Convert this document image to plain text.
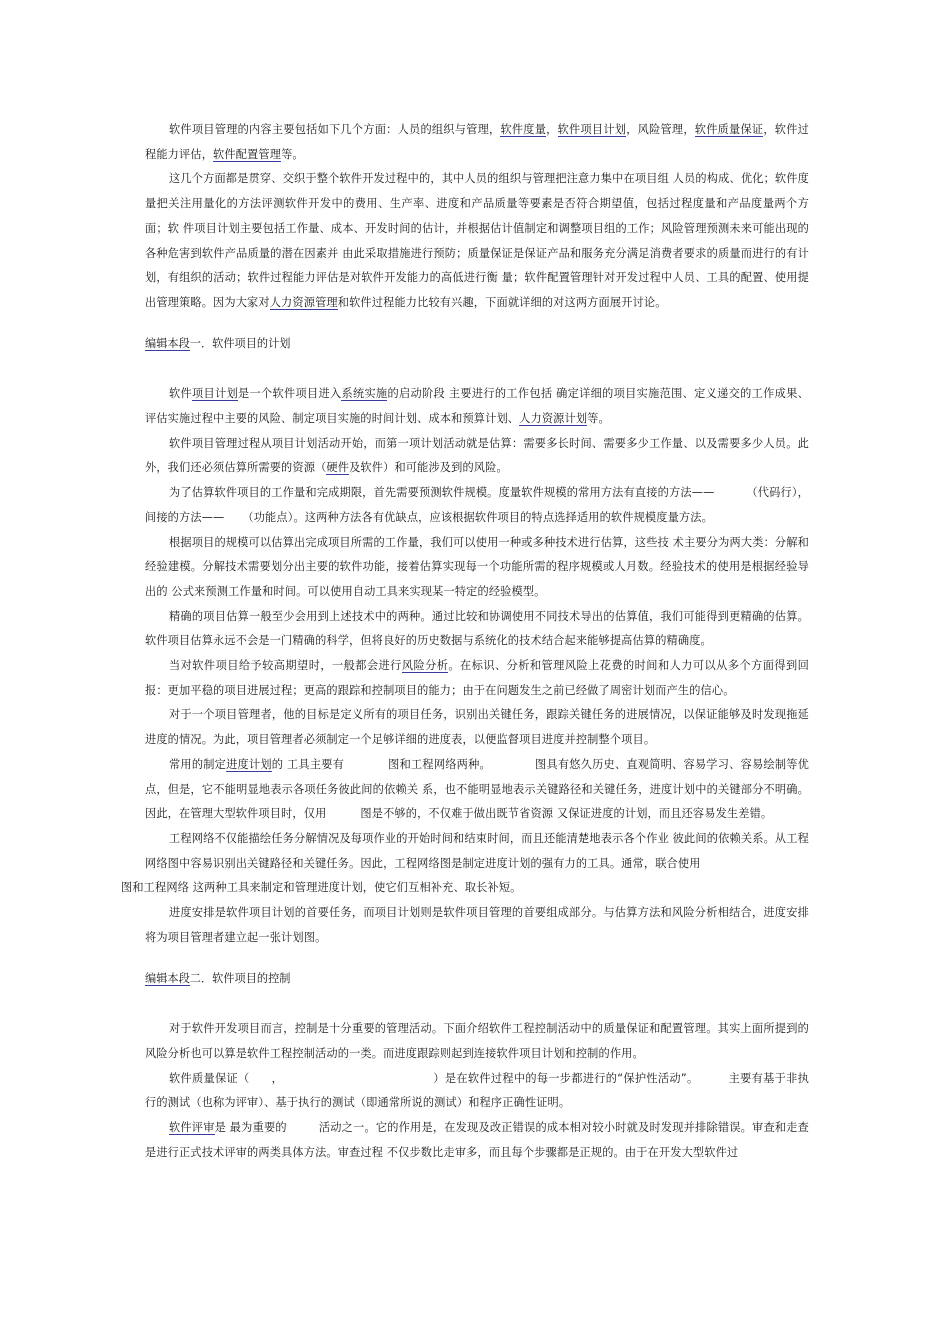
软件项目管理的内容主要包括如下几个方面：人员的组织与管理，软件度量，软件项目计划，风险管理，软件质量保证，软件过程能力评估，软件配置管理等。

这几个方面都是贯穿、交织于整个软件开发过程中的，其中人员的组织与管理把注意力集中在项目组 人员的构成、优化；软件度量把关注用量化的方法评测软件开发中的费用、生产率、进度和产品质量等要素是否符合期望值，包括过程度量和产品度量两个方面；软 件项目计划主要包括工作量、成本、开发时间的估计，并根据估计值制定和调整项目组的工作；风险管理预测未来可能出现的各种危害到软件产品质量的潜在因素并 由此采取措施进行预防；质量保证是保证产品和服务充分满足消费者要求的质量而进行的有计划，有组织的活动；软件过程能力评估是对软件开发能力的高低进行衡 量；软件配置管理针对开发过程中人员、工具的配置、使用提出管理策略。因为大家对人力资源管理和软件过程能力比较有兴趣，下面就详细的对这两方面展开讨论。

编辑本段一．软件项目的计划

软件项目计划是一个软件项目进入系统实施的启动阶段 主要进行的工作包括 确定详细的项目实施范围、定义递交的工作成果、评估实施过程中主要的风险、制定项目实施的时间计划、成本和预算计划、人力资源计划等。

软件项目管理过程从项目计划活动开始，而第一项计划活动就是估算：需要多长时间、需要多少工作量、以及需要多少人员。此外，我们还必须估算所需要的资源（硬件及软件）和可能涉及到的风险。

为了估算软件项目的工作量和完成期限，首先需要预测软件规模。度量软件规模的常用方法有直接的方法——	（代码行），间接的方法—— （功能点）。这两种方法各有优缺点，应该根据软件项目的特点选择适用的软件规模度量方法。

根据项目的规模可以估算出完成项目所需的工作量，我们可以使用一种或多种技术进行估算，这些技 术主要分为两大类：分解和经验建模。分解技术需要划分出主要的软件功能，接着估算实现每一个功能所需的程序规模或人月数。经验技术的使用是根据经验导出的 公式来预测工作量和时间。可以使用自动工具来实现某一特定的经验模型。

精确的项目估算一般至少会用到上述技术中的两种。通过比较和协调使用不同技术导出的估算值，我们可能得到更精确的估算。软件项目估算永远不会是一门精确的科学，但将良好的历史数据与系统化的技术结合起来能够提高估算的精确度。

当对软件项目给予较高期望时，一般都会进行风险分析。在标识、分析和管理风险上花费的时间和人力可以从多个方面得到回报：更加平稳的项目进展过程；更高的跟踪和控制项目的能力；由于在问题发生之前已经做了周密计划而产生的信心。

对于一个项目管理者，他的目标是定义所有的项目任务，识别出关键任务，跟踪关键任务的进展情况，以保证能够及时发现拖延进度的情况。为此，项目管理者必须制定一个足够详细的进度表，以便监督项目进度并控制整个项目。

常用的制定进度计划的 工具主要有	图和工程网络两种。	图具有悠久历史、直观简明、容易学习、容易绘制等优点，但是，它不能明显地表示各项任务彼此间的依赖关 系，也不能明显地表示关键路径和关键任务，进度计划中的关键部分不明确。因此，在管理大型软件项目时，仅用	图是不够的，不仅难于做出既节省资源 又保证进度的计划，而且还容易发生差错。

工程网络不仅能描绘任务分解情况及每项作业的开始时间和结束时间，而且还能清楚地表示各个作业 彼此间的依赖关系。从工程网络图中容易识别出关键路径和关键任务。因此，工程网络图是制定进度计划的强有力的工具。通常，联合使用
图和工程网络 这两种工具来制定和管理进度计划，使它们互相补充、取长补短。

进度安排是软件项目计划的首要任务，而项目计划则是软件项目管理的首要组成部分。与估算方法和风险分析相结合，进度安排将为项目管理者建立起一张计划图。

编辑本段二．软件项目的控制

对于软件开发项目而言，控制是十分重要的管理活动。下面介绍软件工程控制活动中的质量保证和配置管理。其实上面所提到的风险分析也可以算是软件工程控制活动的一类。而进度跟踪则起到连接软件项目计划和控制的作用。

软件质量保证（ ，	）是在软件过程中的每一步都进行的“保护性活动”。	主要有基于非执行的测试（也称为评审）、基于执行的测试（即通常所说的测试）和程序正确性证明。

软件评审是 最为重要的	活动之一。它的作用是，在发现及改正错误的成本相对较小时就及时发现并排除错误。审查和走查是进行正式技术评审的两类具体方法。审查过程 不仅步数比走审多，而且每个步骤都是正规的。由于在开发大型软件过
